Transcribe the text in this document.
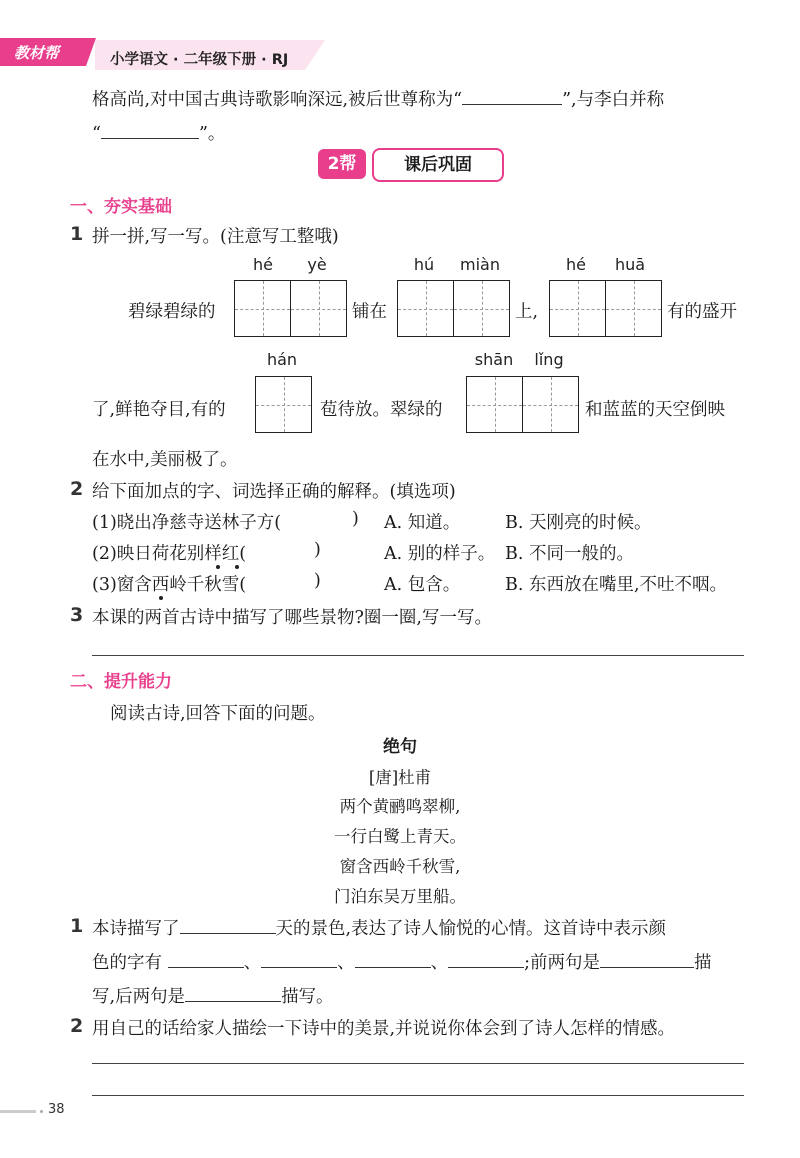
教材帮	小学语文 · 二年级下册 · RJ
格高尚,对中国古典诗歌影响深远,被后世尊称为“	”,与李白并称
“	”。
2帮	课后巩固
一、夯实基础
1 拼一拼,写一写。(注意写工整哦)
hé	yè	hú	miàn	hé	huā
碧绿碧绿的	铺在	上,	有的盛开
hán	shān	lǐng
了,鲜艳夺目,有的	苞待放。翠绿的	和蓝蓝的天空倒映
在水中,美丽极了。
2 给下面加点的字、词选择正确的解释。(填选项)
(1)晓出净慈寺送林子方(	) A. 知道。	B. 天刚亮的时候。
(2)映日荷花别样红(	)	A. 别的样子。 B. 不同一般的。
(3)窗含西岭千秋雪(	)	A. 包含。	B. 东西放在嘴里,不吐不咽。
3 本课的两首古诗中描写了哪些景物?圈一圈,写一写。
二、提升能力
阅读古诗,回答下面的问题。
绝句
[唐]杜甫
两个黄鹂鸣翠柳,
一行白鹭上青天。
窗含西岭千秋雪,
门泊东吴万里船。
1 本诗描写了	天的景色,表达了诗人愉悦的心情。这首诗中表示颜
色的字有	、	、	、	;前两句是	描
写,后两句是	描写。
2 用自己的话给家人描绘一下诗中的美景,并说说你体会到了诗人怎样的情感。
38
